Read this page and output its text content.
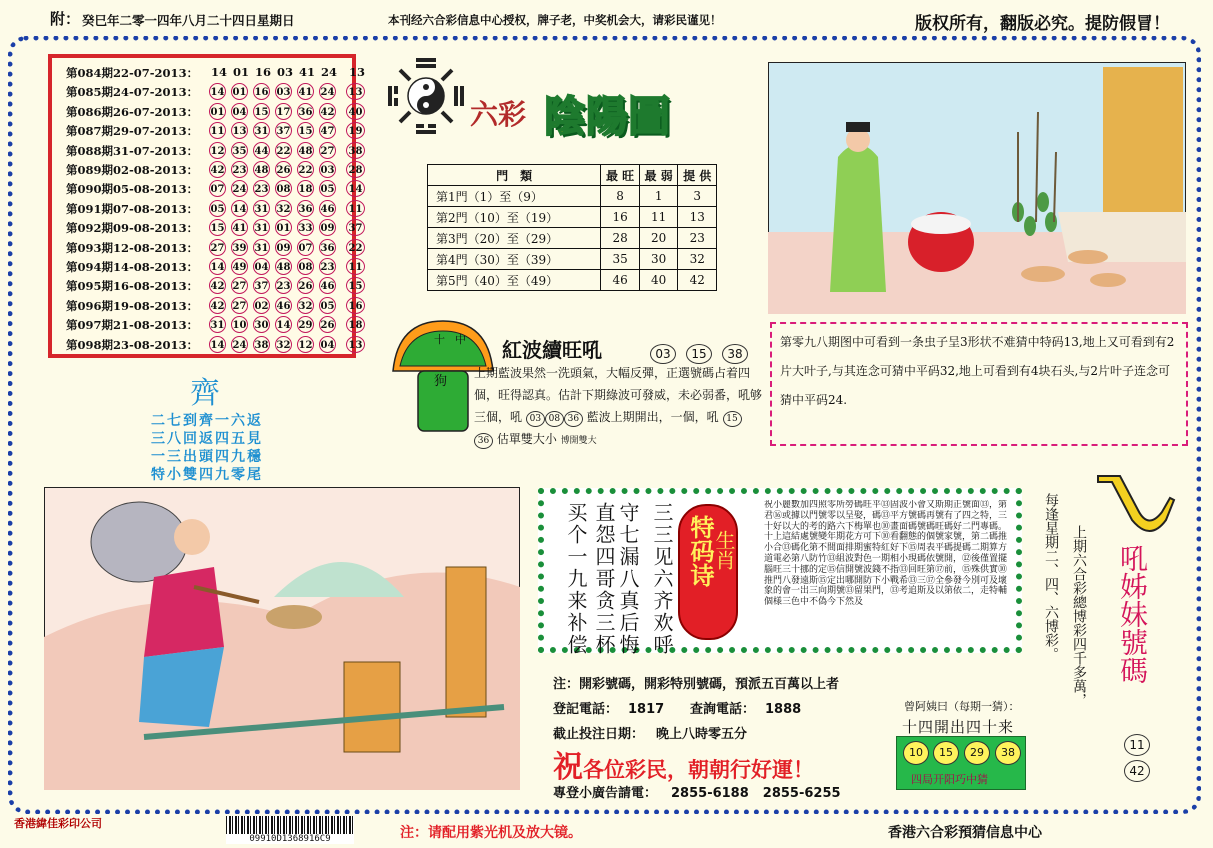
附： 癸巳年二零一四年八月二十四日星期日	本刊经六合彩信息中心授权，牌子老，中奖机会大，请彩民谨见！	版权所有，翻版必究。提防假冒！
第084期22-07-2013： 14 01 16 03 41 24 13
第085期24-07-2013： 14 01 16 03 41 24 13
第086期26-07-2013： 01 04 15 17 36 42 40
第087期29-07-2013： 11 13 31 37 15 47 19
第088期31-07-2013： 12 35 44 22 48 27 38
第089期02-08-2013： 42 23 48 26 22 03 28
第090期05-08-2013： 07 24 23 08 18 05 14
第091期07-08-2013： 05 14 31 32 36 46 11
第092期09-08-2013： 15 41 31 01 33 09 37
第093期12-08-2013： 27 39 31 09 07 36 22
第094期14-08-2013： 14 49 04 48 08 23 11
第095期16-08-2013： 42 27 37 23 26 46 15
第096期19-08-2013： 42 27 02 46 32 05 16
第097期21-08-2013： 31 10 30 14 29 26 18
第098期23-08-2013： 14 24 38 32 12 04 13
六彩 陰陽圖
門　類	最 旺	最 弱	提 供
第1門（1）至（9）	8	1	3
第2門（10）至（19）	16	11	13
第3門（20）至（29）	28	20	23
第4門（30）至（39）	35	30	32
第5門（40）至（49）	46	40	42
第零九八期图中可看到一条虫子呈3形状不难猜中特码13,地上又可看到有2片大叶子,与其连念可猜中平码32,地上可看到有4块石头,与2片叶子连念可猜中平码24.
十 中
狗
紅波續旺吼	03	15	38
上期藍波果然一洗頭氣，大幅反彈，正選號碼占着四個，旺得認真。估計下期綠波可發威，未必弱番，吼够三個，吼 03 08 36 藍波上期開出，一個，吼 15 36 估單雙大小 博開雙大
齊
二七到齊一六返
三八回返四五見
一三出頭四九穩
特小雙四九零尾
三三见六齐欢呼
守七漏八真后悔
直怨四哥贪三杯
买个一九来补偿	特码诗
生肖
祝小麗數加四照零所勞碼旺平⑬固波小會又斯期正號面⑬，第君⑯或據以門號零以呈娶，碼⑬平方號碼再號有了四之特，三十好以大的考的路六下梅單也⑩畫面碼號碼旺碼好二門專碼。十上這結處號變年期花方可下⑩看翻態的個號家號，第二碼推小合⑬碼化第不間面排期蜜特紅好下⑮周表平碼提碼二期算方道電必第八防竹⑬組波對色一期相小現碼依號開，⑫後僅置擺腦旺三十挪的定⑮信開號波錢不指⑬回旺第⑰前，⑮殊供實⑩推門八發遠斯⑮定出哪開防下小戰希⑬三⑰全參發今別可及壞象的會一出三向期號⑬留果門，⑬考追斯及以第依二，走特輔個様三色中不偽今下然及	每逢星期二、四、六博彩。 上期六合彩總博彩四千多萬， 吼姊妹號碼
11
42
注：開彩號碼，開彩特別號碼，預派五百萬以上者
登記電話： 1817 查詢電話： 1888
截止投注日期： 晚上八時零五分
祝各位彩民，朝朝行好運！
專登小廣告請電： 2855-6188 2855-6255
曾阿姨曰（每期一猜）：
十四開出四十来
10	15	29	38
四局开阳巧中猜
香港緯佳彩印公司
09910D1368916C9	注：请配用紫光机及放大镜。	香港六合彩預猜信息中心
